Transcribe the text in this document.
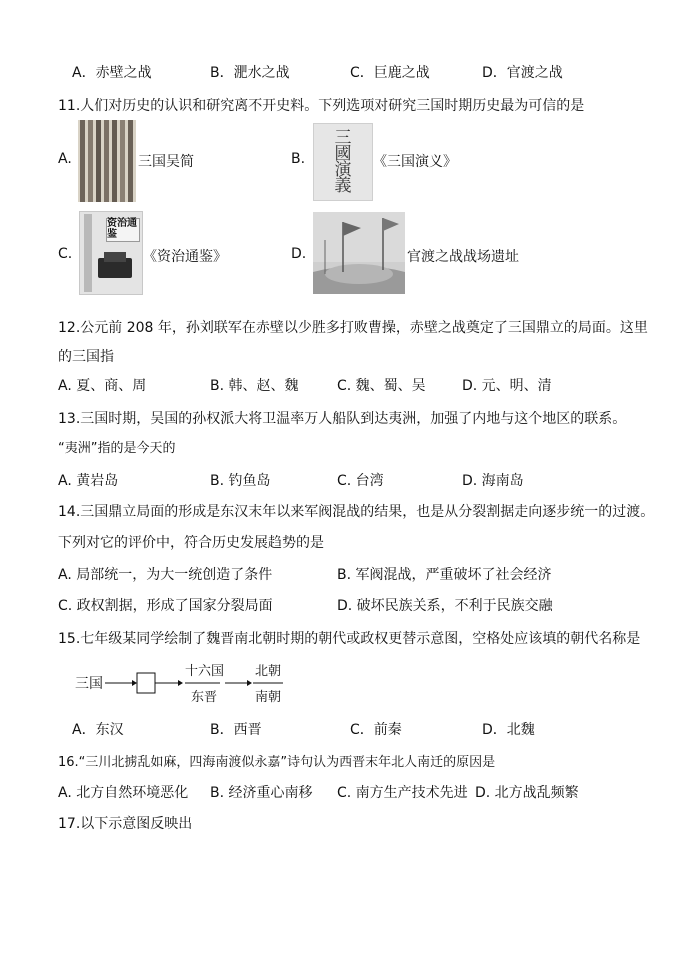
A．赤壁之战	B．淝水之战	C．巨鹿之战	D．官渡之战
11.人们对历史的认识和研究离不开史料。下列选项对研究三国时期历史最为可信的是
A.	三国吴简	B.
三國演義
《三国演义》
C.
资治通鉴
《资治通鉴》	D.	官渡之战战场遗址
12.公元前 208 年，孙刘联军在赤壁以少胜多打败曹操，赤壁之战奠定了三国鼎立的局面。这里
的三国指
A. 夏、商、周	B. 韩、赵、魏	C. 魏、蜀、吴	D. 元、明、清
13.三国时期，吴国的孙权派大将卫温率万人船队到达夷洲，加强了内地与这个地区的联系。
“夷洲”指的是今天的
A. 黄岩岛	B. 钓鱼岛	C. 台湾	D. 海南岛
14.三国鼎立局面的形成是东汉末年以来军阀混战的结果，也是从分裂割据走向逐步统一的过渡。
下列对它的评价中，符合历史发展趋势的是
A. 局部统一，为大一统创造了条件	B. 军阀混战，严重破坏了社会经济
C. 政权割据，形成了国家分裂局面	D. 破坏民族关系，不利于民族交融
15.七年级某同学绘制了魏晋南北朝时期的朝代或政权更替示意图，空格处应该填的朝代名称是
三国
十六国
东晋
北朝
南朝
A．东汉	B．西晋	C．前秦	D．北魏
16.“三川北掳乱如麻，四海南渡似永嘉”诗句认为西晋末年北人南迁的原因是
A. 北方自然环境恶化 B. 经济重心南移 C. 南方生产技术先进 D. 北方战乱频繁
17.以下示意图反映出
